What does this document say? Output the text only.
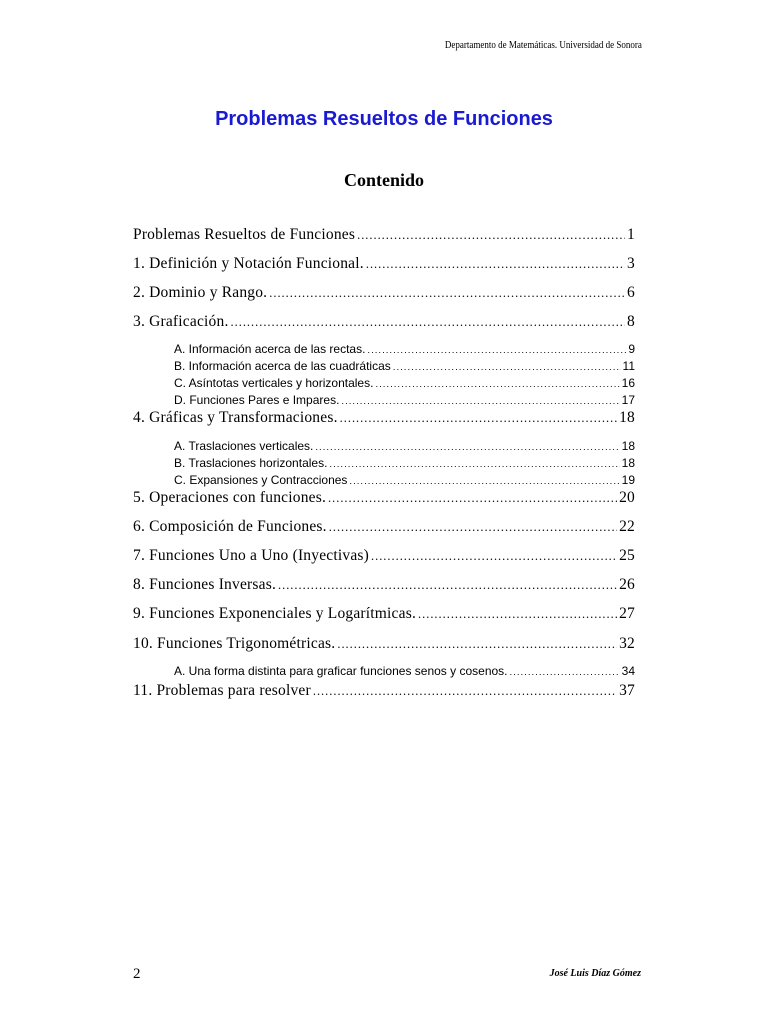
Departamento de Matemáticas. Universidad de Sonora
Problemas Resueltos de Funciones
Contenido
Problemas Resueltos de Funciones .....	1
1. Definición y Notación Funcional. .....	3
2. Dominio y Rango. .....	6
3. Graficación. .....	8
A. Información acerca de las rectas. .....	9
B. Información acerca de las cuadráticas .....	11
C. Asíntotas verticales y horizontales. .....	16
D. Funciones Pares e Impares. .....	17
4. Gráficas y Transformaciones. .....	18
A. Traslaciones verticales. .....	18
B. Traslaciones horizontales. .....	18
C. Expansiones y Contracciones .....	19
5. Operaciones con funciones. .....	20
6. Composición de Funciones. .....	22
7. Funciones Uno a Uno (Inyectivas) .....	25
8. Funciones Inversas. .....	26
9. Funciones Exponenciales y Logarítmicas. .....	27
10. Funciones Trigonométricas. .....	32
A. Una forma distinta para graficar funciones senos y cosenos. .....	34
11. Problemas para resolver .....	37
2	José Luis Díaz Gómez
